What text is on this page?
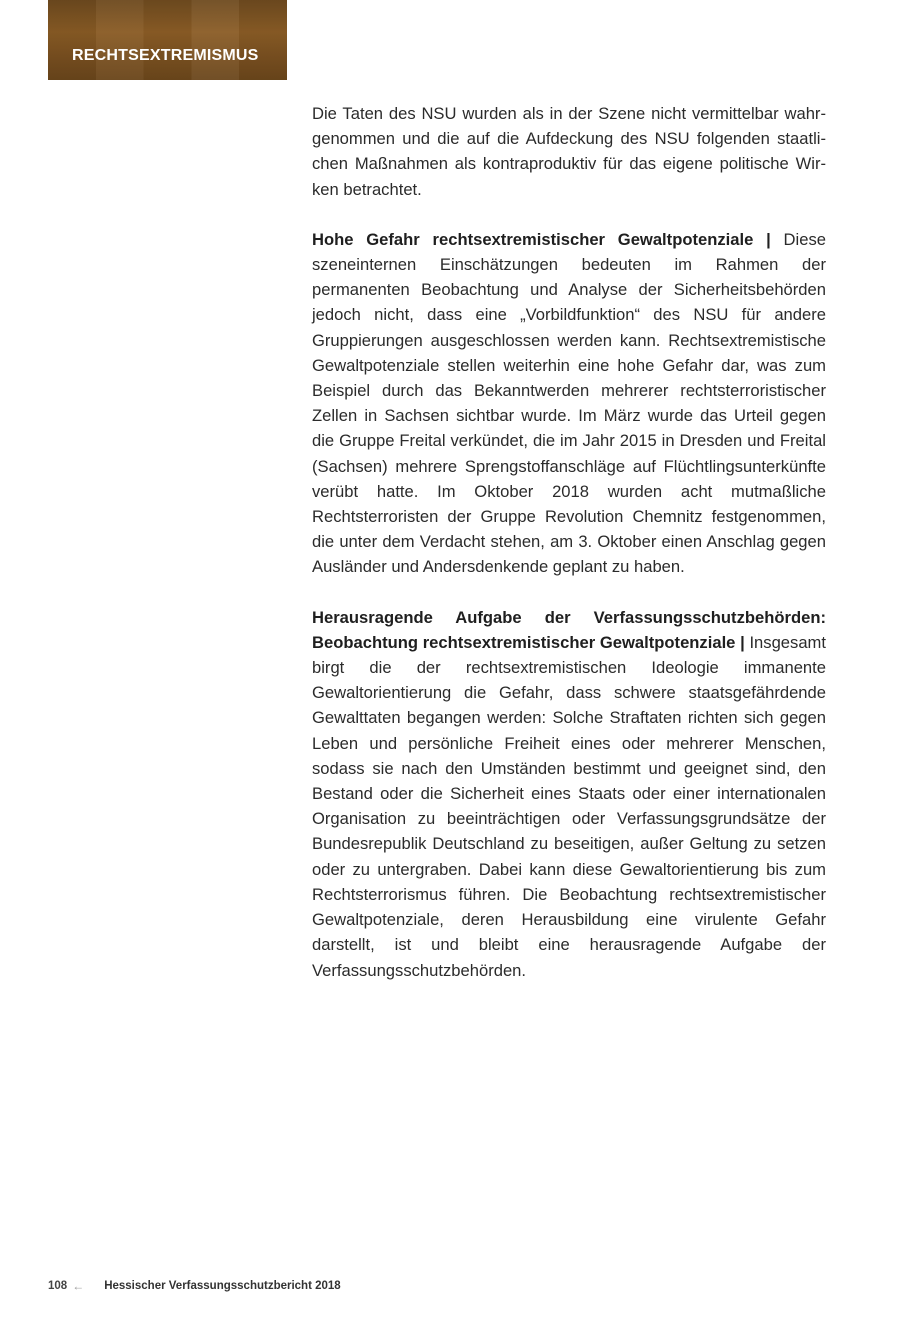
RECHTSEXTREMISMUS

Die Taten des NSU wurden als in der Szene nicht vermittelbar wahrgenommen und die auf die Aufdeckung des NSU folgenden staatlichen Maßnahmen als kontraproduktiv für das eigene politische Wirken betrachtet.

Hohe Gefahr rechtsextremistischer Gewaltpotenziale | Diese szeneinternen Einschätzungen bedeuten im Rahmen der permanenten Beobachtung und Analyse der Sicherheitsbehörden jedoch nicht, dass eine „Vorbildfunktion“ des NSU für andere Gruppierungen ausgeschlossen werden kann. Rechtsextremistische Gewaltpotenziale stellen weiterhin eine hohe Gefahr dar, was zum Beispiel durch das Bekanntwerden mehrerer rechtsterroristischer Zellen in Sachsen sichtbar wurde. Im März wurde das Urteil gegen die Gruppe Freital verkündet, die im Jahr 2015 in Dresden und Freital (Sachsen) mehrere Sprengstoffanschläge auf Flüchtlingsunterkünfte verübt hatte. Im Oktober 2018 wurden acht mutmaßliche Rechtsterroristen der Gruppe Revolution Chemnitz festgenommen, die unter dem Verdacht stehen, am 3. Oktober einen Anschlag gegen Ausländer und Andersdenkende geplant zu haben.

Herausragende Aufgabe der Verfassungsschutzbehörden: Beobachtung rechtsextremistischer Gewaltpotenziale | Insgesamt birgt die der rechtsextremistischen Ideologie immanente Gewaltorientierung die Gefahr, dass schwere staatsgefährdende Gewalttaten begangen werden: Solche Straftaten richten sich gegen Leben und persönliche Freiheit eines oder mehrerer Menschen, sodass sie nach den Umständen bestimmt und geeignet sind, den Bestand oder die Sicherheit eines Staats oder einer internationalen Organisation zu beeinträchtigen oder Verfassungsgrundsätze der Bundesrepublik Deutschland zu beseitigen, außer Geltung zu setzen oder zu untergraben. Dabei kann diese Gewaltorientierung bis zum Rechtsterrorismus führen. Die Beobachtung rechtsextremistischer Gewaltpotenziale, deren Herausbildung eine virulente Gefahr darstellt, ist und bleibt eine herausragende Aufgabe der Verfassungsschutzbehörden.

108 ← Hessischer Verfassungsschutzbericht 2018
